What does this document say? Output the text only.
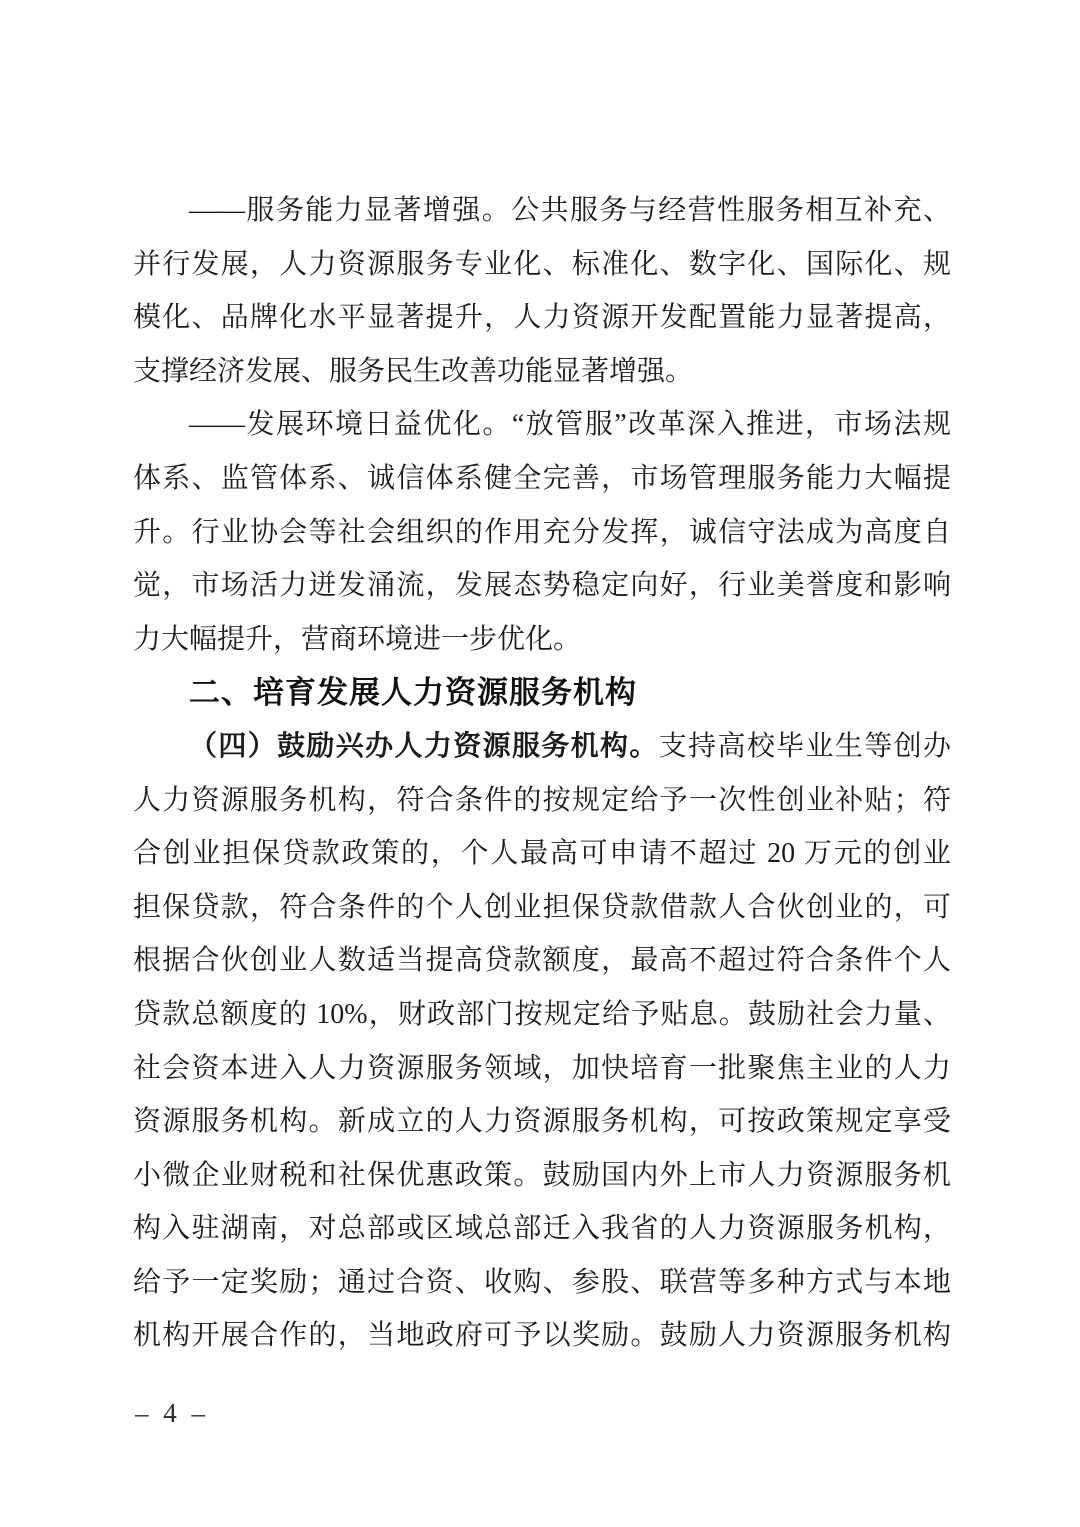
——服务能力显著增强。公共服务与经营性服务相互补充、
并行发展，人力资源服务专业化、标准化、数字化、国际化、规
模化、品牌化水平显著提升，人力资源开发配置能力显著提高，
支撑经济发展、服务民生改善功能显著增强。
——发展环境日益优化。“放管服”改革深入推进，市场法规
体系、监管体系、诚信体系健全完善，市场管理服务能力大幅提
升。行业协会等社会组织的作用充分发挥，诚信守法成为高度自
觉，市场活力迸发涌流，发展态势稳定向好，行业美誉度和影响
力大幅提升，营商环境进一步优化。
二、培育发展人力资源服务机构
（四）鼓励兴办人力资源服务机构。支持高校毕业生等创办
人力资源服务机构，符合条件的按规定给予一次性创业补贴；符
合创业担保贷款政策的，个人最高可申请不超过 20 万元的创业
担保贷款，符合条件的个人创业担保贷款借款人合伙创业的，可
根据合伙创业人数适当提高贷款额度，最高不超过符合条件个人
贷款总额度的 10%，财政部门按规定给予贴息。鼓励社会力量、
社会资本进入人力资源服务领域，加快培育一批聚焦主业的人力
资源服务机构。新成立的人力资源服务机构，可按政策规定享受
小微企业财税和社保优惠政策。鼓励国内外上市人力资源服务机
构入驻湖南，对总部或区域总部迁入我省的人力资源服务机构，
给予一定奖励；通过合资、收购、参股、联营等多种方式与本地
机构开展合作的，当地政府可予以奖励。鼓励人力资源服务机构
– 4 –
